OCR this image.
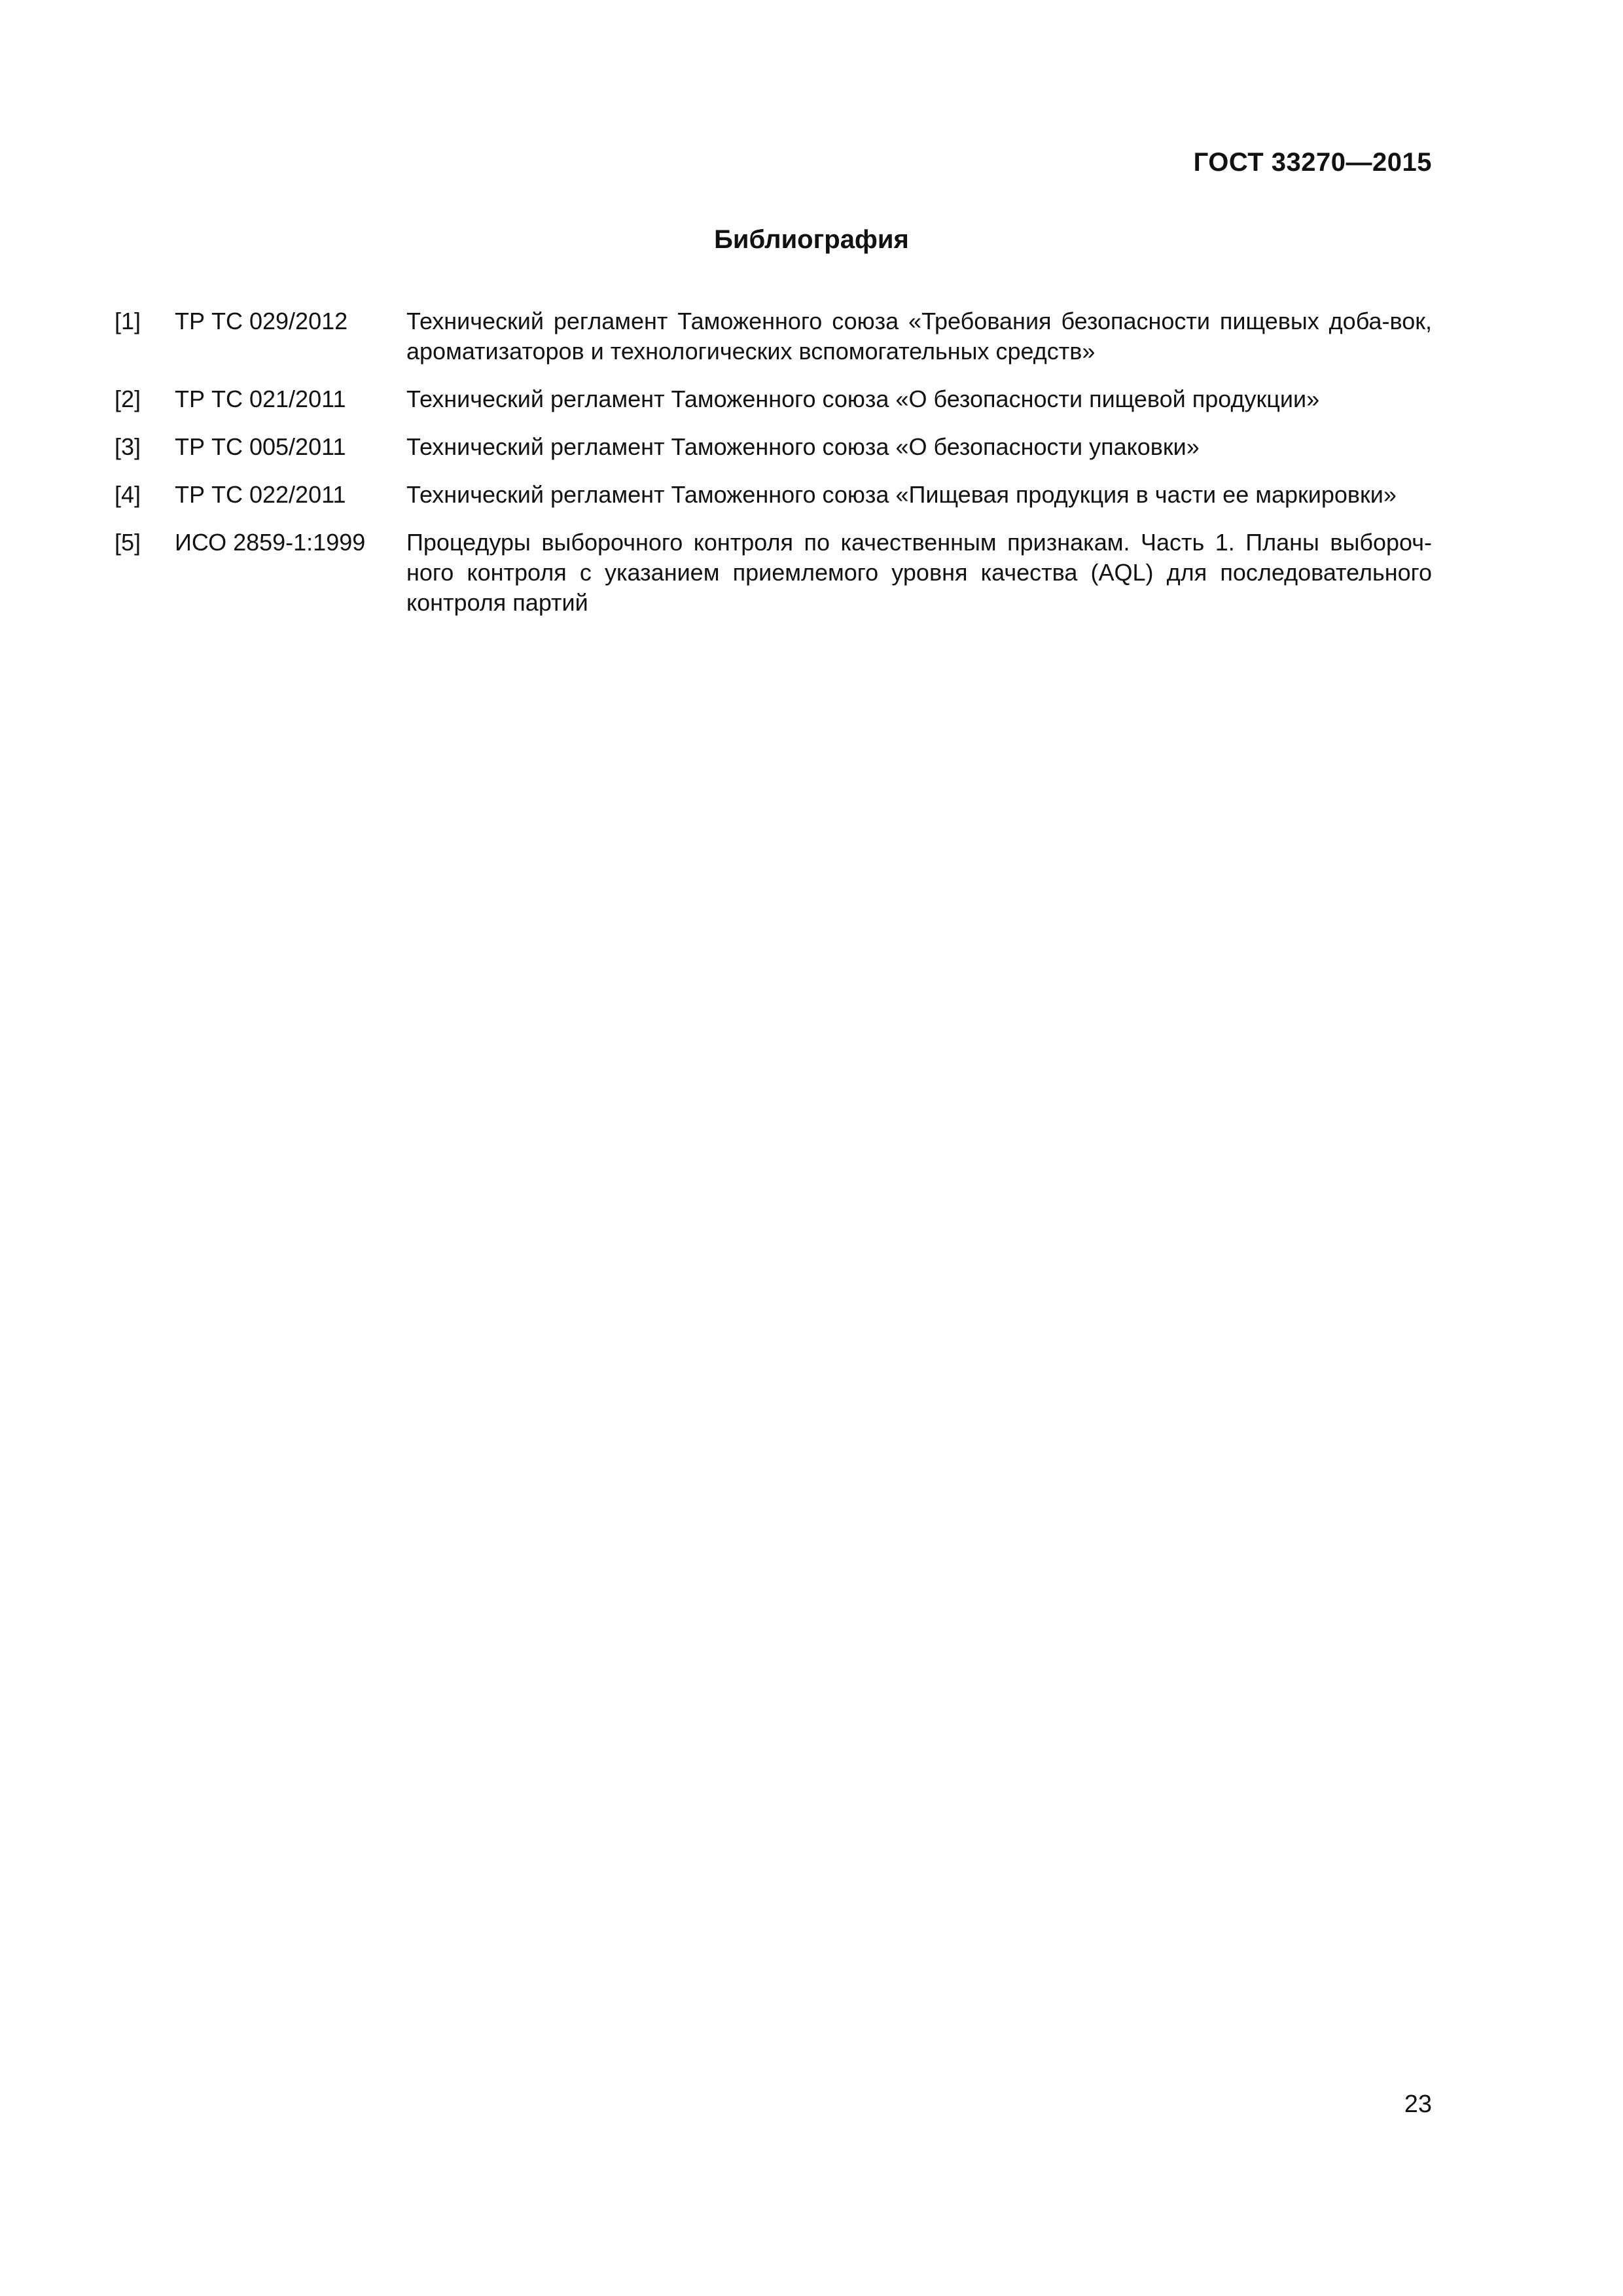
ГОСТ 33270—2015
Библиография
[1]	ТР ТС 029/2012	Технический регламент Таможенного союза «Требования безопасности пищевых доба-вок, ароматизаторов и технологических вспомогательных средств»
[2]	ТР ТС 021/2011	Технический регламент Таможенного союза «О безопасности пищевой продукции»
[3]	ТР ТС 005/2011	Технический регламент Таможенного союза «О безопасности упаковки»
[4]	ТР ТС 022/2011	Технический регламент Таможенного союза «Пищевая продукция в части ее маркировки»
[5]	ИСО 2859-1:1999	Процедуры выборочного контроля по качественным признакам. Часть 1. Планы выбороч-ного контроля с указанием приемлемого уровня качества (AQL) для последовательного контроля партий
23
